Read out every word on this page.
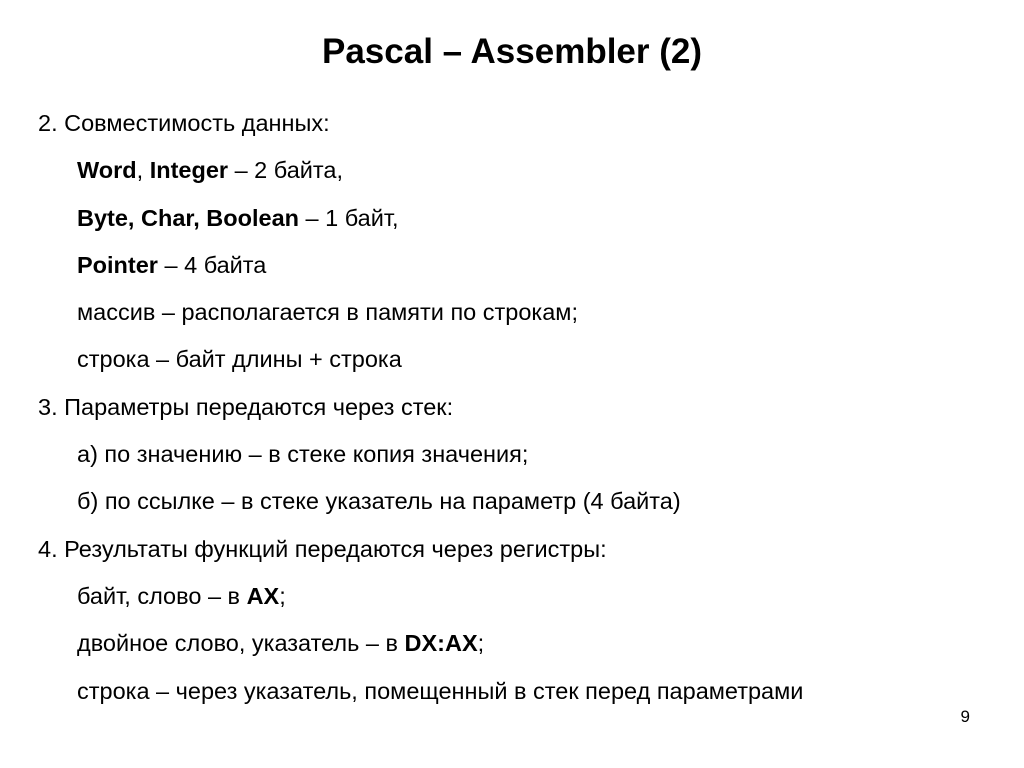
Pascal – Assembler (2)
2. Совместимость данных:
Word, Integer – 2 байта,
Byte, Char, Boolean – 1 байт,
Pointer – 4 байта
массив – располагается в памяти по строкам;
строка – байт длины + строка
3. Параметры передаются через стек:
а) по значению – в стеке копия значения;
б) по ссылке – в стеке указатель на параметр (4 байта)
4. Результаты функций передаются через регистры:
байт, слово – в AX;
двойное слово, указатель – в DX:AX;
строка – через указатель, помещенный в стек перед параметрами
9
